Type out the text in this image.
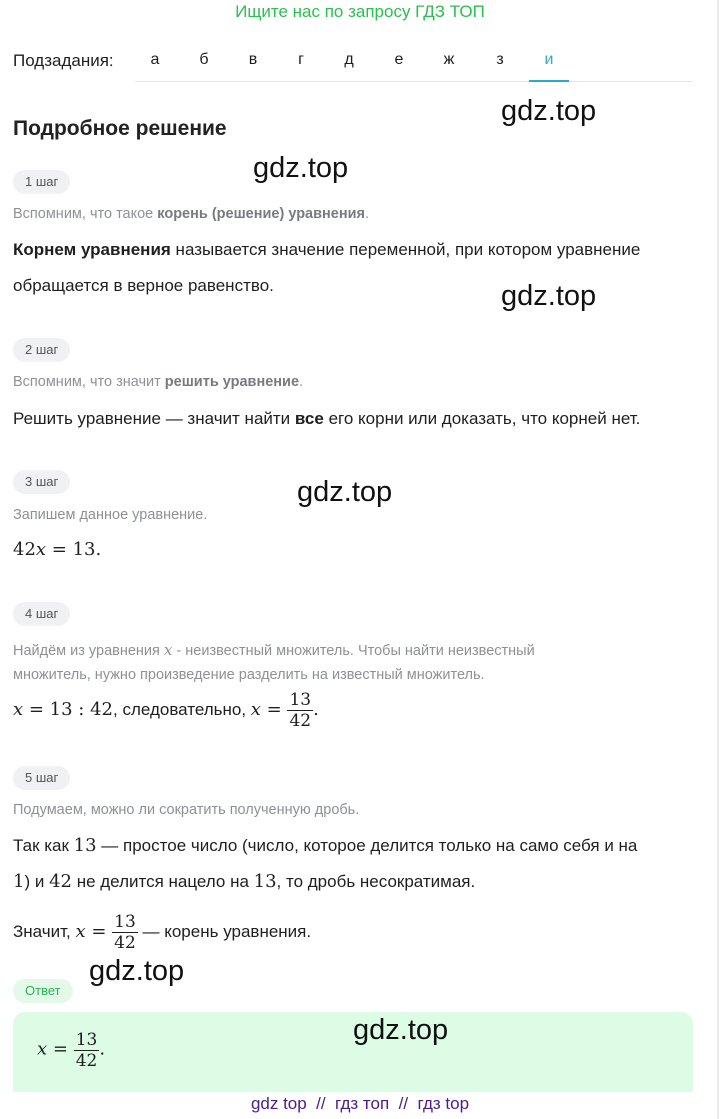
Ищите нас по запросу ГДЗ ТОП
Подзадания:	а	б	в	г	д	е	ж	з	и
Подробное решение
gdz.top
gdz.top
gdz.top
gdz.top
gdz.top
gdz.top
1 шаг
Вспомним, что такое корень (решение) уравнения.
Корнем уравнения называется значение переменной, при котором уравнение
обращается в верное равенство.
2 шаг
Вспомним, что значит решить уравнение.
Решить уравнение — значит найти все его корни или доказать, что корней нет.
3 шаг
Запишем данное уравнение.
42x = 13.
4 шаг
Найдём из уравнения x - неизвестный множитель. Чтобы найти неизвестный
множитель, нужно произведение разделить на известный множитель.
x = 13 : 42, следовательно, $x = \frac{13}{42}$ .
5 шаг
Подумаем, можно ли сократить полученную дробь.
Так как 13 — простое число (число, которое делится только на само себя и на
1) и 42 не делится нацело на 13, то дробь несократимая.
Значит, $x = \frac{13}{42}$ — корень уравнения.
Ответ
$x = \frac{13}{42}$ .
gdz top  //  гдз топ  //  гдз top
